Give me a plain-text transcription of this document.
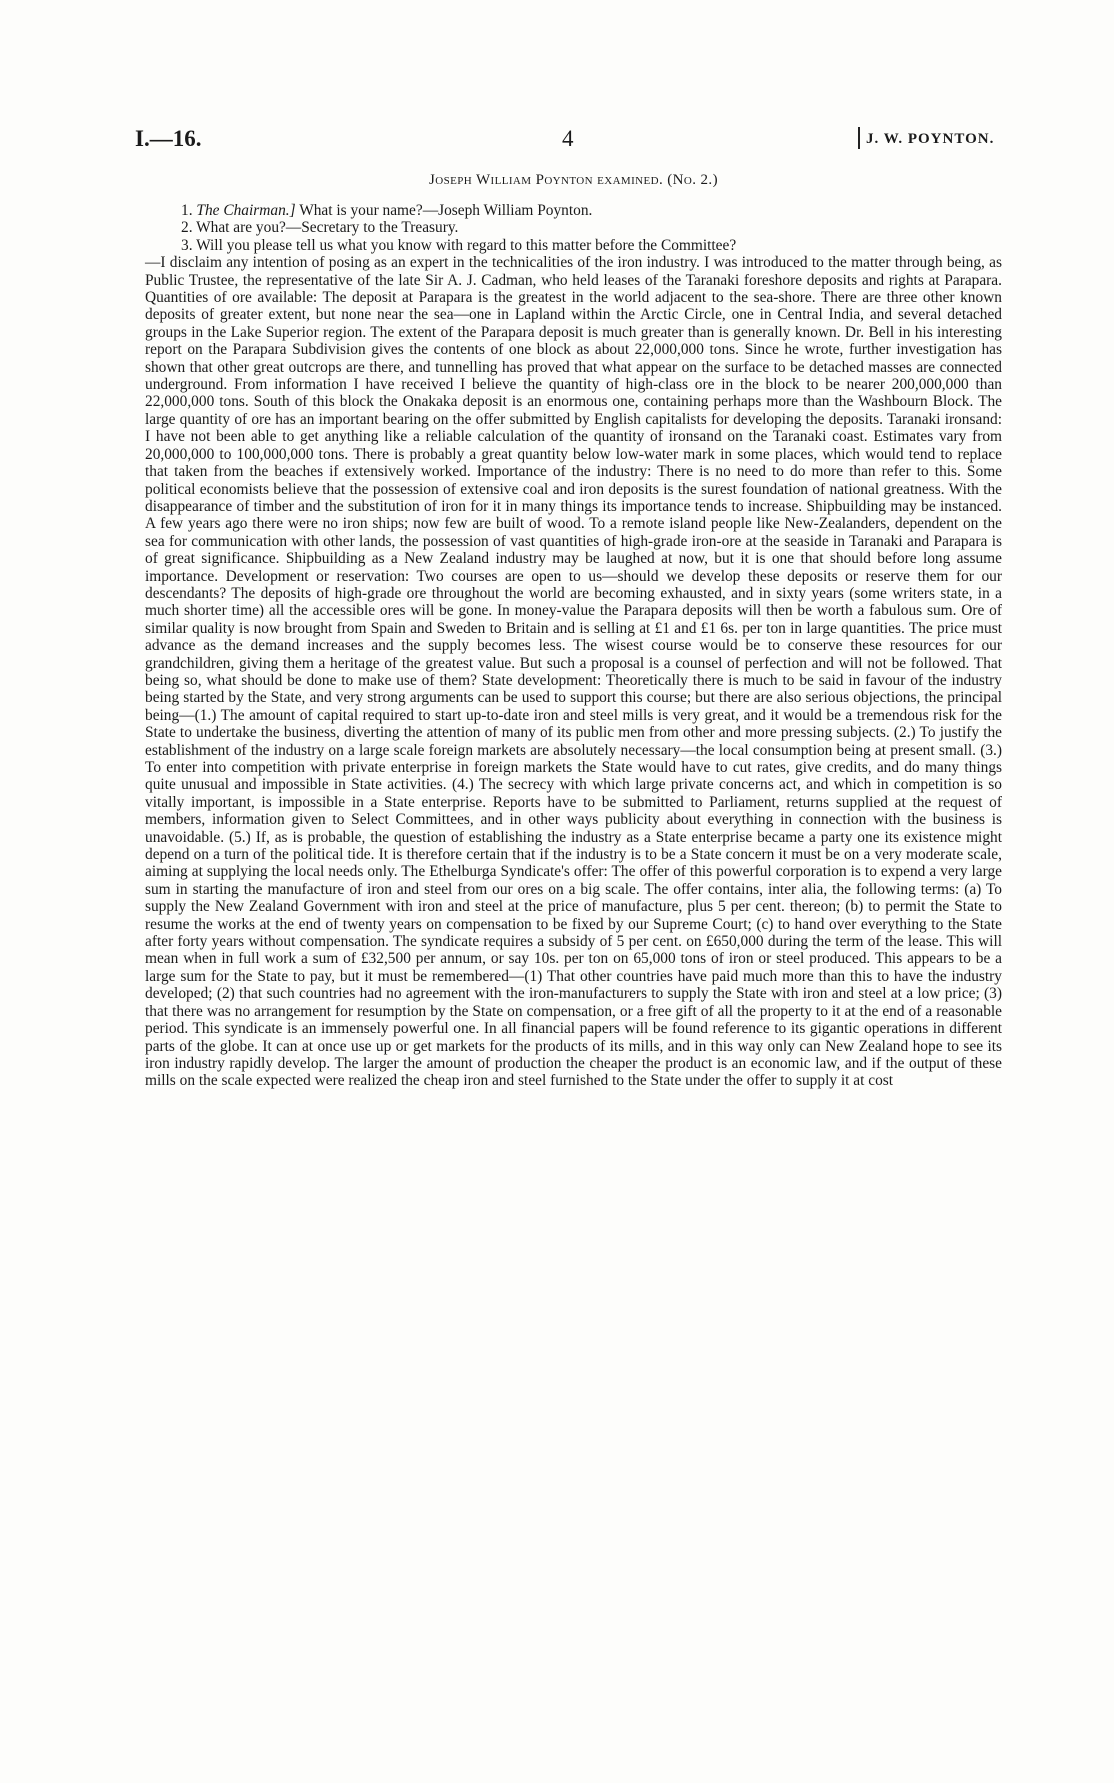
I.—16.	4	J. W. POYNTON.
Joseph William Poynton examined. (No. 2.)

1. The Chairman.] What is your name?—Joseph William Poynton.

2. What are you?—Secretary to the Treasury.

3. Will you please tell us what you know with regard to this matter before the Committee?

—I disclaim any intention of posing as an expert in the technicalities of the iron industry. I was introduced to the matter through being, as Public Trustee, the representative of the late Sir A. J. Cadman, who held leases of the Taranaki foreshore deposits and rights at Parapara. Quantities of ore available: The deposit at Parapara is the greatest in the world adjacent to the sea-shore. There are three other known deposits of greater extent, but none near the sea—one in Lapland within the Arctic Circle, one in Central India, and several detached groups in the Lake Superior region. The extent of the Parapara deposit is much greater than is generally known. Dr. Bell in his interesting report on the Parapara Subdivision gives the contents of one block as about 22,000,000 tons. Since he wrote, further investigation has shown that other great outcrops are there, and tunnelling has proved that what appear on the surface to be detached masses are connected underground. From information I have received I believe the quantity of high-class ore in the block to be nearer 200,000,000 than 22,000,000 tons. South of this block the Onakaka deposit is an enormous one, containing perhaps more than the Washbourn Block. The large quantity of ore has an important bearing on the offer submitted by English capitalists for developing the deposits. Taranaki ironsand: I have not been able to get anything like a reliable calculation of the quantity of ironsand on the Taranaki coast. Estimates vary from 20,000,000 to 100,000,000 tons. There is probably a great quantity below low-water mark in some places, which would tend to replace that taken from the beaches if extensively worked. Importance of the industry: There is no need to do more than refer to this. Some political economists believe that the possession of extensive coal and iron deposits is the surest foundation of national greatness. With the disappearance of timber and the substitution of iron for it in many things its importance tends to increase. Shipbuilding may be instanced. A few years ago there were no iron ships; now few are built of wood. To a remote island people like New-Zealanders, dependent on the sea for communication with other lands, the possession of vast quantities of high-grade iron-ore at the seaside in Taranaki and Parapara is of great significance. Shipbuilding as a New Zealand industry may be laughed at now, but it is one that should before long assume importance. Development or reservation: Two courses are open to us—should we develop these deposits or reserve them for our descendants? The deposits of high-grade ore throughout the world are becoming exhausted, and in sixty years (some writers state, in a much shorter time) all the accessible ores will be gone. In money-value the Parapara deposits will then be worth a fabulous sum. Ore of similar quality is now brought from Spain and Sweden to Britain and is selling at £1 and £1 6s. per ton in large quantities. The price must advance as the demand increases and the supply becomes less. The wisest course would be to conserve these resources for our grandchildren, giving them a heritage of the greatest value. But such a proposal is a counsel of perfection and will not be followed. That being so, what should be done to make use of them? State development: Theoretically there is much to be said in favour of the industry being started by the State, and very strong arguments can be used to support this course; but there are also serious objections, the principal being—(1.) The amount of capital required to start up-to-date iron and steel mills is very great, and it would be a tremendous risk for the State to undertake the business, diverting the attention of many of its public men from other and more pressing subjects. (2.) To justify the establishment of the industry on a large scale foreign markets are absolutely necessary—the local consumption being at present small. (3.) To enter into competition with private enterprise in foreign markets the State would have to cut rates, give credits, and do many things quite unusual and impossible in State activities. (4.) The secrecy with which large private concerns act, and which in competition is so vitally important, is impossible in a State enterprise. Reports have to be submitted to Parliament, returns supplied at the request of members, information given to Select Committees, and in other ways publicity about everything in connection with the business is unavoidable. (5.) If, as is probable, the question of establishing the industry as a State enterprise became a party one its existence might depend on a turn of the political tide. It is therefore certain that if the industry is to be a State concern it must be on a very moderate scale, aiming at supplying the local needs only. The Ethelburga Syndicate's offer: The offer of this powerful corporation is to expend a very large sum in starting the manufacture of iron and steel from our ores on a big scale. The offer contains, inter alia, the following terms: (a) To supply the New Zealand Government with iron and steel at the price of manufacture, plus 5 per cent. thereon; (b) to permit the State to resume the works at the end of twenty years on compensation to be fixed by our Supreme Court; (c) to hand over everything to the State after forty years without compensation. The syndicate requires a subsidy of 5 per cent. on £650,000 during the term of the lease. This will mean when in full work a sum of £32,500 per annum, or say 10s. per ton on 65,000 tons of iron or steel produced. This appears to be a large sum for the State to pay, but it must be remembered—(1) That other countries have paid much more than this to have the industry developed; (2) that such countries had no agreement with the iron-manufacturers to supply the State with iron and steel at a low price; (3) that there was no arrangement for resumption by the State on compensation, or a free gift of all the property to it at the end of a reasonable period. This syndicate is an immensely powerful one. In all financial papers will be found reference to its gigantic operations in different parts of the globe. It can at once use up or get markets for the products of its mills, and in this way only can New Zealand hope to see its iron industry rapidly develop. The larger the amount of production the cheaper the product is an economic law, and if the output of these mills on the scale expected were realized the cheap iron and steel furnished to the State under the offer to supply it at cost
